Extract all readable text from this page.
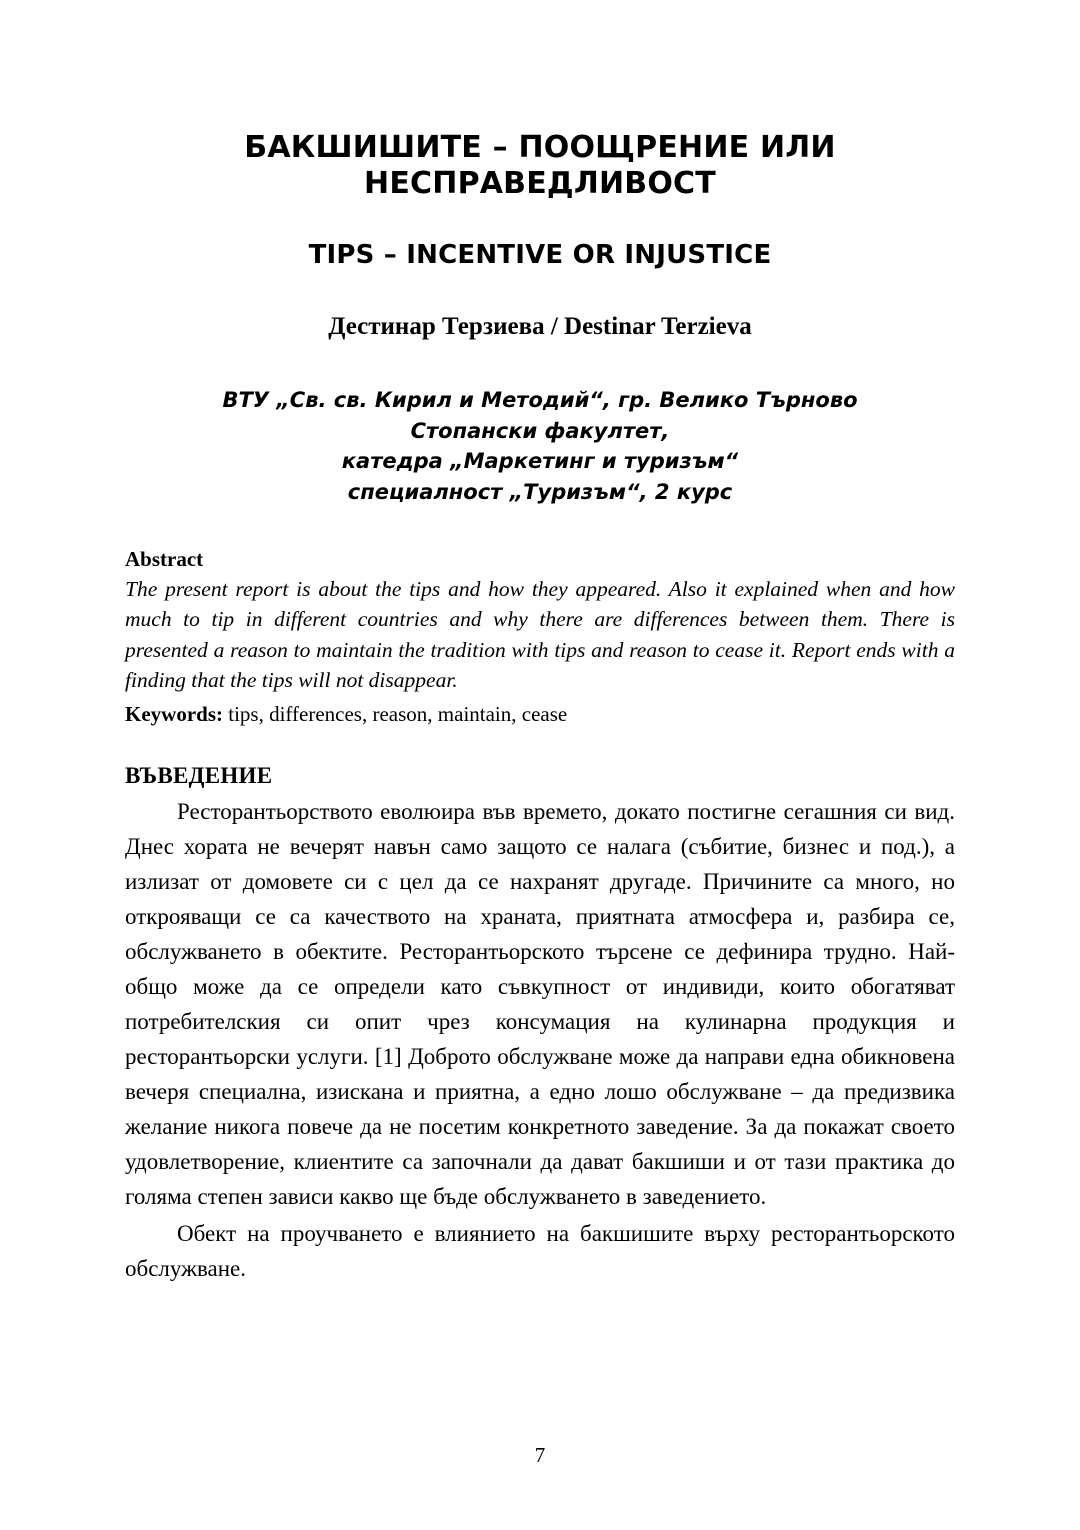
БАКШИШИТЕ – ПООЩРЕНИЕ ИЛИ НЕСПРАВЕДЛИВОСТ
TIPS – INCENTIVE OR INJUSTICE
Дестинар Терзиева / Destinar Terzieva
ВТУ „Св. св. Кирил и Методий“, гр. Велико Търново
Стопански факултет,
катедра „Маркетинг и туризъм“
специалност „Туризъм“, 2 курс
Abstract

The present report is about the tips and how they appeared. Also it explained when and how much to tip in different countries and why there are differences between them. There is presented a reason to maintain the tradition with tips and reason to cease it. Report ends with a finding that the tips will not disappear.

Keywords: tips, differences, reason, maintain, cease

ВЪВЕДЕНИЕ

Ресторантьорството еволюира във времето, докато постигне сегашния си вид. Днес хората не вечерят навън само защото се налага (събитие, бизнес и под.), а излизат от домовете си с цел да се нахранят другаде. Причините са много, но открояващи се са качеството на храната, приятната атмосфера и, разбира се, обслужването в обектите. Ресторантьорското търсене се дефинира трудно. Най-общо може да се определи като съвкупност от индивиди, които обогатяват потребителския си опит чрез консумация на кулинарна продукция и ресторантьорски услуги. [1] Доброто обслужване може да направи една обикновена вечеря специална, изискана и приятна, а едно лошо обслужване – да предизвика желание никога повече да не посетим конкретното заведение. За да покажат своето удовлетворение, клиентите са започнали да дават бакшиши и от тази практика до голяма степен зависи какво ще бъде обслужването в заведението.

Обект на проучването е влиянието на бакшишите върху ресторантьорското обслужване.

7
